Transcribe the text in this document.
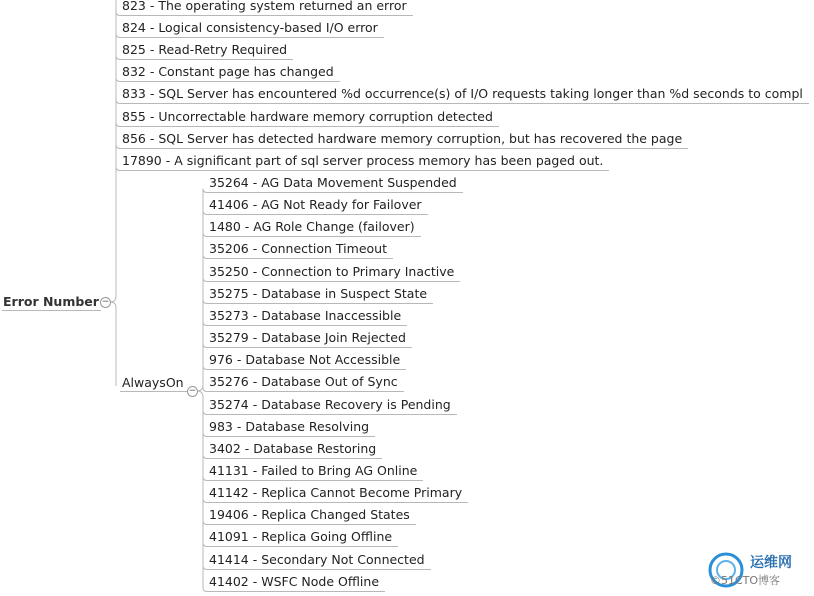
Error Number −
823 - The operating system returned an error
824 - Logical consistency-based I/O error
825 - Read-Retry Required
832 - Constant page has changed
833 - SQL Server has encountered %d occurrence(s) of I/O requests taking longer than %d seconds to compl
855 - Uncorrectable hardware memory corruption detected
856 - SQL Server has detected hardware memory corruption, but has recovered the page
17890 - A significant part of sql server process memory has been paged out.
AlwaysOn
−
35264 - AG Data Movement Suspended
41406 - AG Not Ready for Failover
1480 - AG Role Change (failover)
35206 - Connection Timeout
35250 - Connection to Primary Inactive
35275 - Database in Suspect State
35273 - Database Inaccessible
35279 - Database Join Rejected
976 - Database Not Accessible
35276 - Database Out of Sync
35274 - Database Recovery is Pending
983 - Database Resolving
3402 - Database Restoring
41131 - Failed to Bring AG Online
41142 - Replica Cannot Become Primary
19406 - Replica Changed States
41091 - Replica Going Offline
41414 - Secondary Not Connected
41402 - WSFC Node Offline
运维网
©51CTO博客
